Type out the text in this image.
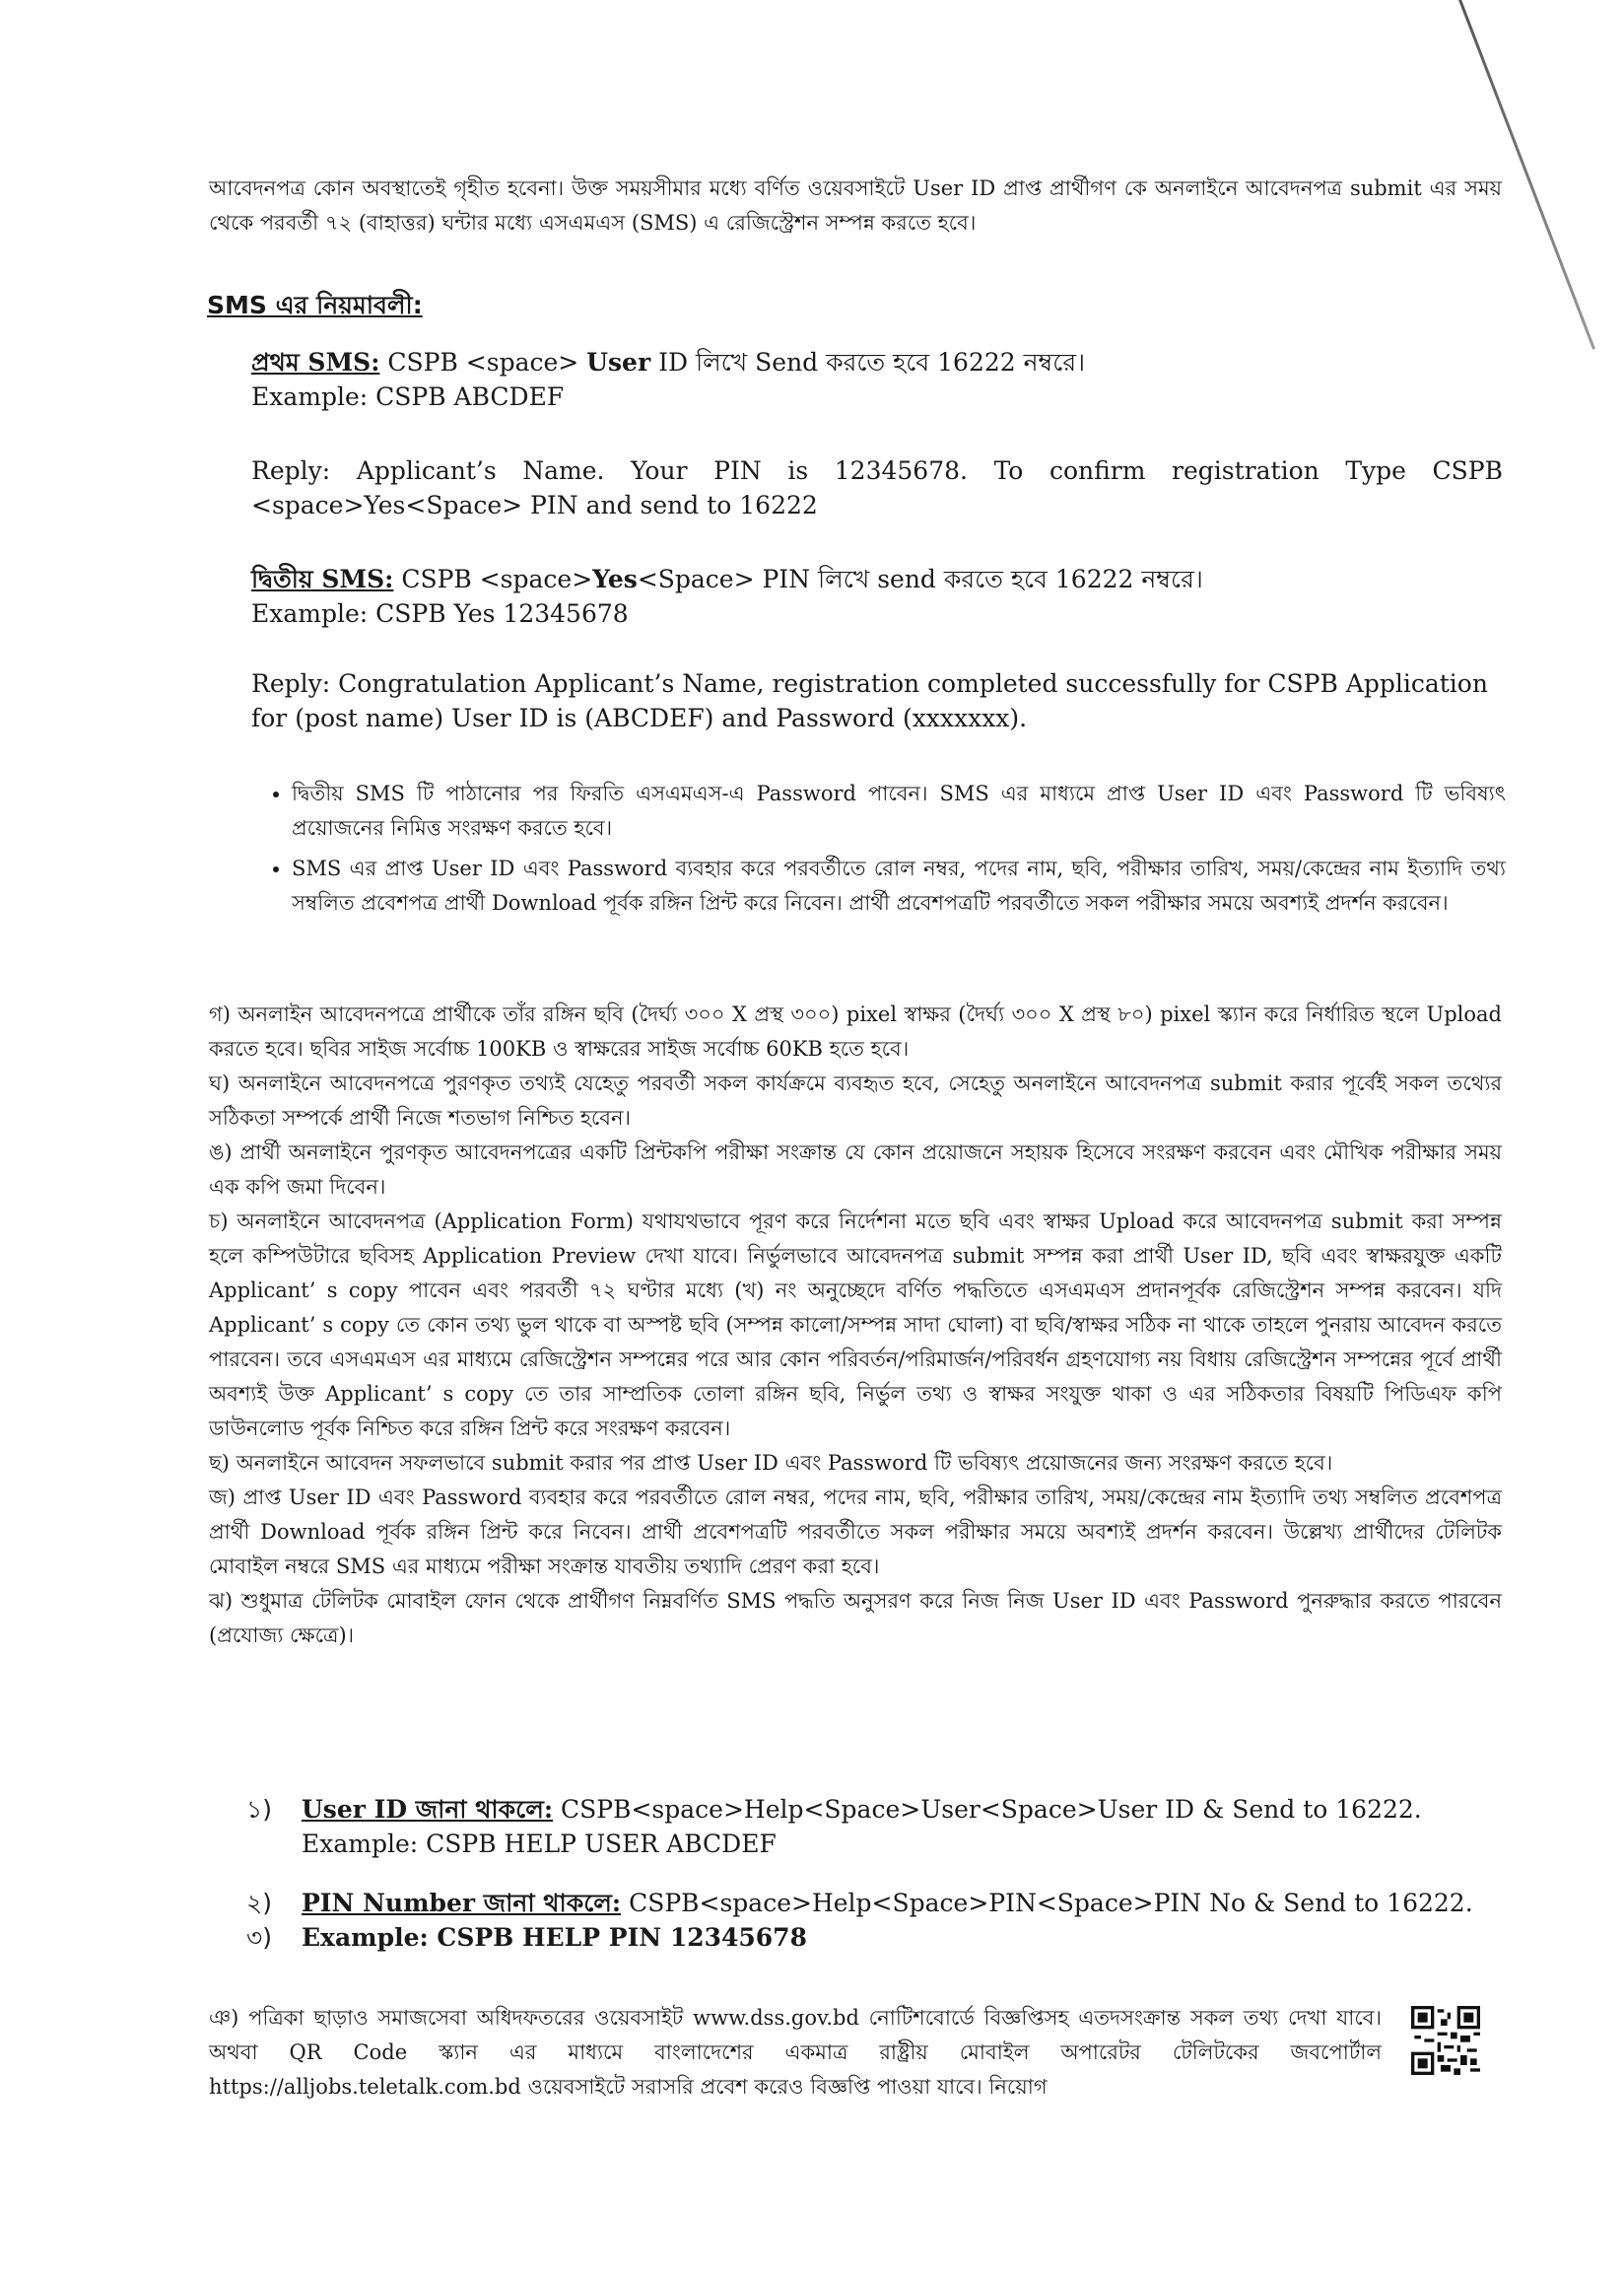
আবেদনপত্র কোন অবস্থাতেই গৃহীত হবেনা। উক্ত সময়সীমার মধ্যে বর্ণিত ওয়েবসাইটে User ID প্রাপ্ত প্রার্থীগণ কে অনলাইনে আবেদনপত্র submit এর সময় থেকে পরবর্তী ৭২ (বাহাত্তর) ঘন্টার মধ্যে এসএমএস (SMS) এ রেজিস্ট্রেশন সম্পন্ন করতে হবে।

SMS এর নিয়মাবলী:

প্রথম SMS: CSPB <space> User ID লিখে Send করতে হবে 16222 নম্বরে।

Example: CSPB ABCDEF

Reply: Applicant’s Name. Your PIN is 12345678. To confirm registration Type CSPB <space>Yes<Space> PIN and send to 16222

দ্বিতীয় SMS: CSPB <space>Yes<Space> PIN লিখে send করতে হবে 16222 নম্বরে।

Example: CSPB Yes 12345678

Reply: Congratulation Applicant’s Name, registration completed successfully for CSPB Application for (post name) User ID is (ABCDEF) and Password (xxxxxxx).

• দ্বিতীয় SMS টি পাঠানোর পর ফিরতি এসএমএস-এ Password পাবেন। SMS এর মাধ্যমে প্রাপ্ত User ID এবং Password টি ভবিষ্যৎ প্রয়োজনের নিমিত্ত সংরক্ষণ করতে হবে।
• SMS এর প্রাপ্ত User ID এবং Password ব্যবহার করে পরবর্তীতে রোল নম্বর, পদের নাম, ছবি, পরীক্ষার তারিখ, সময়/কেন্দ্রের নাম ইত্যাদি তথ্য সম্বলিত প্রবেশপত্র প্রার্থী Download পূর্বক রঙ্গিন প্রিন্ট করে নিবেন। প্রার্থী প্রবেশপত্রটি পরবর্তীতে সকল পরীক্ষার সময়ে অবশ্যই প্রদর্শন করবেন।

গ) অনলাইন আবেদনপত্রে প্রার্থীকে তাঁর রঙ্গিন ছবি (দৈর্ঘ্য ৩০০ X প্রস্থ ৩০০) pixel স্বাক্ষর (দৈর্ঘ্য ৩০০ X প্রস্থ ৮০) pixel স্ক্যান করে নির্ধারিত স্থলে Upload করতে হবে। ছবির সাইজ সর্বোচ্চ 100KB ও স্বাক্ষরের সাইজ সর্বোচ্চ 60KB হতে হবে।

ঘ) অনলাইনে আবেদনপত্রে পুরণকৃত তথ্যই যেহেতু পরবর্তী সকল কার্যক্রমে ব্যবহৃত হবে, সেহেতু অনলাইনে আবেদনপত্র submit করার পূর্বেই সকল তথ্যের সঠিকতা সম্পর্কে প্রার্থী নিজে শতভাগ নিশ্চিত হবেন।

ঙ) প্রার্থী অনলাইনে পুরণকৃত আবেদনপত্রের একটি প্রিন্টকপি পরীক্ষা সংক্রান্ত যে কোন প্রয়োজনে সহায়ক হিসেবে সংরক্ষণ করবেন এবং মৌখিক পরীক্ষার সময় এক কপি জমা দিবেন।

চ) অনলাইনে আবেদনপত্র (Application Form) যথাযথভাবে পূরণ করে নির্দেশনা মতে ছবি এবং স্বাক্ষর Upload করে আবেদনপত্র submit করা সম্পন্ন হলে কম্পিউটারে ছবিসহ Application Preview দেখা যাবে। নির্ভুলভাবে আবেদনপত্র submit সম্পন্ন করা প্রার্থী User ID, ছবি এবং স্বাক্ষরযুক্ত একটি Applicant’ s copy পাবেন এবং পরবর্তী ৭২ ঘণ্টার মধ্যে (খ) নং অনুচ্ছেদে বর্ণিত পদ্ধতিতে এসএমএস প্রদানপূর্বক রেজিস্ট্রেশন সম্পন্ন করবেন। যদি Applicant’ s copy তে কোন তথ্য ভুল থাকে বা অস্পষ্ট ছবি (সম্পন্ন কালো/সম্পন্ন সাদা ঘোলা) বা ছবি/স্বাক্ষর সঠিক না থাকে তাহলে পুনরায় আবেদন করতে পারবেন। তবে এসএমএস এর মাধ্যমে রেজিস্ট্রেশন সম্পন্নের পরে আর কোন পরিবর্তন/পরিমার্জন/পরিবর্ধন গ্রহণযোগ্য নয় বিধায় রেজিস্ট্রেশন সম্পন্নের পূর্বে প্রার্থী অবশ্যই উক্ত Applicant’ s copy তে তার সাম্প্রতিক তোলা রঙ্গিন ছবি, নির্ভুল তথ্য ও স্বাক্ষর সংযুক্ত থাকা ও এর সঠিকতার বিষয়টি পিডিএফ কপি ডাউনলোড পূর্বক নিশ্চিত করে রঙ্গিন প্রিন্ট করে সংরক্ষণ করবেন।

ছ) অনলাইনে আবেদন সফলভাবে submit করার পর প্রাপ্ত User ID এবং Password টি ভবিষ্যৎ প্রয়োজনের জন্য সংরক্ষণ করতে হবে।

জ) প্রাপ্ত User ID এবং Password ব্যবহার করে পরবর্তীতে রোল নম্বর, পদের নাম, ছবি, পরীক্ষার তারিখ, সময়/কেন্দ্রের নাম ইত্যাদি তথ্য সম্বলিত প্রবেশপত্র প্রার্থী Download পূর্বক রঙ্গিন প্রিন্ট করে নিবেন। প্রার্থী প্রবেশপত্রটি পরবর্তীতে সকল পরীক্ষার সময়ে অবশ্যই প্রদর্শন করবেন। উল্লেখ্য প্রার্থীদের টেলিটক মোবাইল নম্বরে SMS এর মাধ্যমে পরীক্ষা সংক্রান্ত যাবতীয় তথ্যাদি প্রেরণ করা হবে।

ঝ) শুধুমাত্র টেলিটক মোবাইল ফোন থেকে প্রার্থীগণ নিম্নবর্ণিত SMS পদ্ধতি অনুসরণ করে নিজ নিজ User ID এবং Password পুনরুদ্ধার করতে পারবেন (প্রযোজ্য ক্ষেত্রে)।

১)	User ID জানা থাকলে: CSPB<space>Help<Space>User<Space>User ID & Send to 16222.
Example: CSPB HELP USER ABCDEF
২)	PIN Number জানা থাকলে: CSPB<space>Help<Space>PIN<Space>PIN No & Send to 16222.
৩)	Example: CSPB HELP PIN 12345678

ঞ) পত্রিকা ছাড়াও সমাজসেবা অধিদফতরের ওয়েবসাইট www.dss.gov.bd নোটিশবোর্ডে বিজ্ঞপ্তিসহ এতদসংক্রান্ত সকল তথ্য দেখা যাবে। অথবা QR Code স্ক্যান এর মাধ্যমে বাংলাদেশের একমাত্র রাষ্ট্রীয় মোবাইল অপারেটর টেলিটকের জবপোর্টাল https://alljobs.teletalk.com.bd ওয়েবসাইটে সরাসরি প্রবেশ করেও বিজ্ঞপ্তি পাওয়া যাবে। নিয়োগ
